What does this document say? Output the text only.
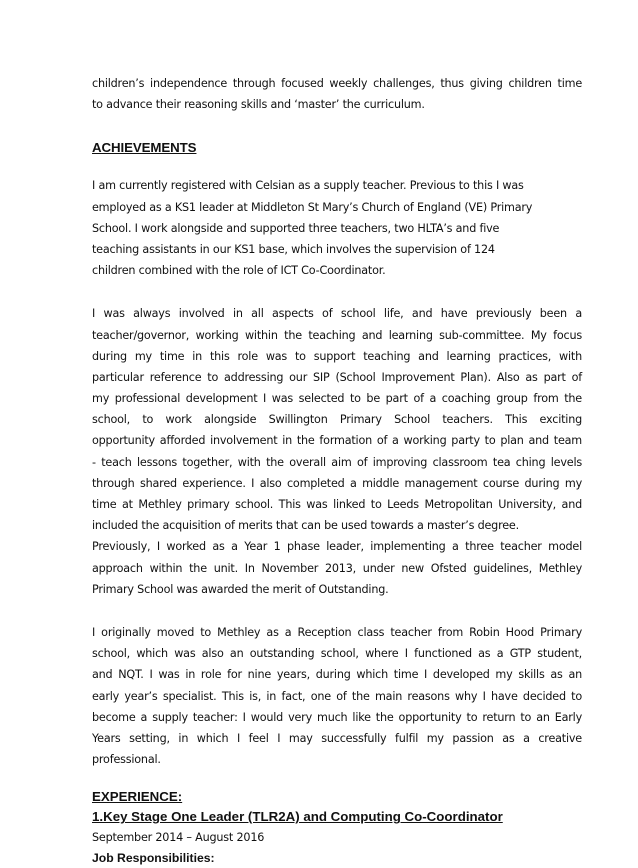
children’s independence through focused weekly challenges, thus giving children time
to advance their reasoning skills and ‘master’ the curriculum.
ACHIEVEMENTS
I am currently registered with Celsian as a supply teacher. Previous to this I was
employed as a KS1 leader at Middleton St Mary’s Church of England (VE) Primary
School. I work alongside and supported three teachers, two HLTA’s and five
teaching assistants in our KS1 base, which involves the supervision of 124
children combined with the role of ICT Co-Coordinator.
I was always involved in all aspects of school life, and have previously been a
teacher/governor, working within the teaching and learning sub-committee. My focus
during my time in this role was to support teaching and learning practices, with
particular reference to addressing our SIP (School Improvement Plan). Also as part of
my professional development I was selected to be part of a coaching group from the
school, to work alongside Swillington Primary School teachers. This exciting
opportunity afforded involvement in the formation of a working party to plan and team
- teach lessons together, with the overall aim of improving classroom tea ching levels
through shared experience. I also completed a middle management course during my
time at Methley primary school. This was linked to Leeds Metropolitan University, and
included the acquisition of merits that can be used towards a master’s degree.
Previously, I worked as a Year 1 phase leader, implementing a three teacher model
approach within the unit. In November 2013, under new Ofsted guidelines, Methley
Primary School was awarded the merit of Outstanding.
I originally moved to Methley as a Reception class teacher from Robin Hood Primary
school, which was also an outstanding school, where I functioned as a GTP student,
and NQT. I was in role for nine years, during which time I developed my skills as an
early year’s specialist. This is, in fact, one of the main reasons why I have decided to
become a supply teacher: I would very much like the opportunity to return to an Early
Years setting, in which I feel I may successfully fulfil my passion as a creative
professional.
EXPERIENCE:
1.Key Stage One Leader (TLR2A) and Computing Co-Coordinator
September 2014 – August 2016
Job Responsibilities:
